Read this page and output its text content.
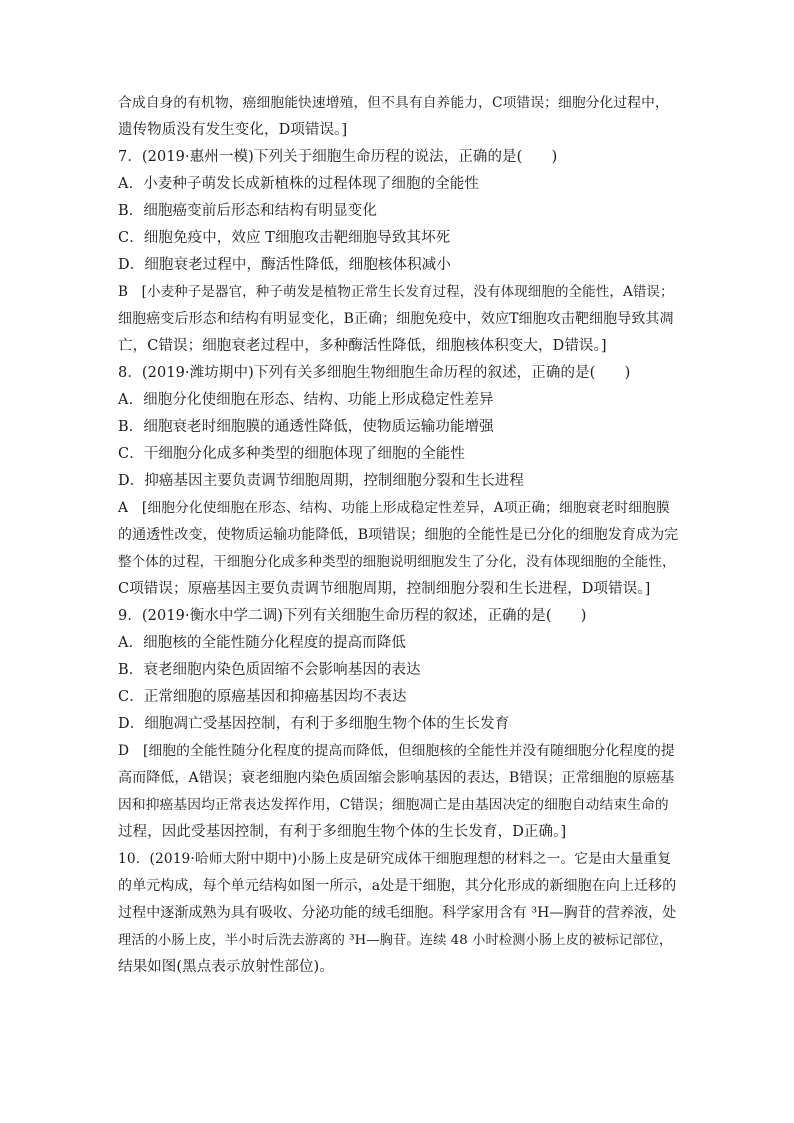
合成自身的有机物，癌细胞能快速增殖，但不具有自养能力，C项错误；细胞分化过程中，

遗传物质没有发生变化，D项错误。]

7．(2019·惠州一模)下列关于细胞生命历程的说法，正确的是(　　)

A．小麦种子萌发长成新植株的过程体现了细胞的全能性

B．细胞癌变前后形态和结构有明显变化

C．细胞免疫中，效应 T细胞攻击靶细胞导致其坏死

D．细胞衰老过程中，酶活性降低，细胞核体积减小

B　[小麦种子是器官，种子萌发是植物正常生长发育过程，没有体现细胞的全能性，A错误；

细胞癌变后形态和结构有明显变化，B正确；细胞免疫中，效应T细胞攻击靶细胞导致其凋

亡，C错误；细胞衰老过程中，多种酶活性降低，细胞核体积变大，D错误。]

8．(2019·潍坊期中)下列有关多细胞生物细胞生命历程的叙述，正确的是(　　)

A．细胞分化使细胞在形态、结构、功能上形成稳定性差异

B．细胞衰老时细胞膜的通透性降低，使物质运输功能增强

C．干细胞分化成多种类型的细胞体现了细胞的全能性

D．抑癌基因主要负责调节细胞周期，控制细胞分裂和生长进程

A　[细胞分化使细胞在形态、结构、功能上形成稳定性差异，A项正确；细胞衰老时细胞膜

的通透性改变，使物质运输功能降低，B项错误；细胞的全能性是已分化的细胞发育成为完

整个体的过程，干细胞分化成多种类型的细胞说明细胞发生了分化，没有体现细胞的全能性，

C项错误；原癌基因主要负责调节细胞周期，控制细胞分裂和生长进程，D项错误。]

9．(2019·衡水中学二调)下列有关细胞生命历程的叙述，正确的是(　　)

A．细胞核的全能性随分化程度的提高而降低

B．衰老细胞内染色质固缩不会影响基因的表达

C．正常细胞的原癌基因和抑癌基因均不表达

D．细胞凋亡受基因控制，有利于多细胞生物个体的生长发育

D　[细胞的全能性随分化程度的提高而降低，但细胞核的全能性并没有随细胞分化程度的提

高而降低，A错误；衰老细胞内染色质固缩会影响基因的表达，B错误；正常细胞的原癌基

因和抑癌基因均正常表达发挥作用，C错误；细胞凋亡是由基因决定的细胞自动结束生命的

过程，因此受基因控制，有利于多细胞生物个体的生长发育，D正确。]

10．(2019·哈师大附中期中)小肠上皮是研究成体干细胞理想的材料之一。它是由大量重复

的单元构成，每个单元结构如图一所示，a处是干细胞，其分化形成的新细胞在向上迁移的

过程中逐渐成熟为具有吸收、分泌功能的绒毛细胞。科学家用含有 ³H—胸苷的营养液，处

理活的小肠上皮，半小时后洗去游离的 ³H—胸苷。连续 48 小时检测小肠上皮的被标记部位，

结果如图(黑点表示放射性部位)。
